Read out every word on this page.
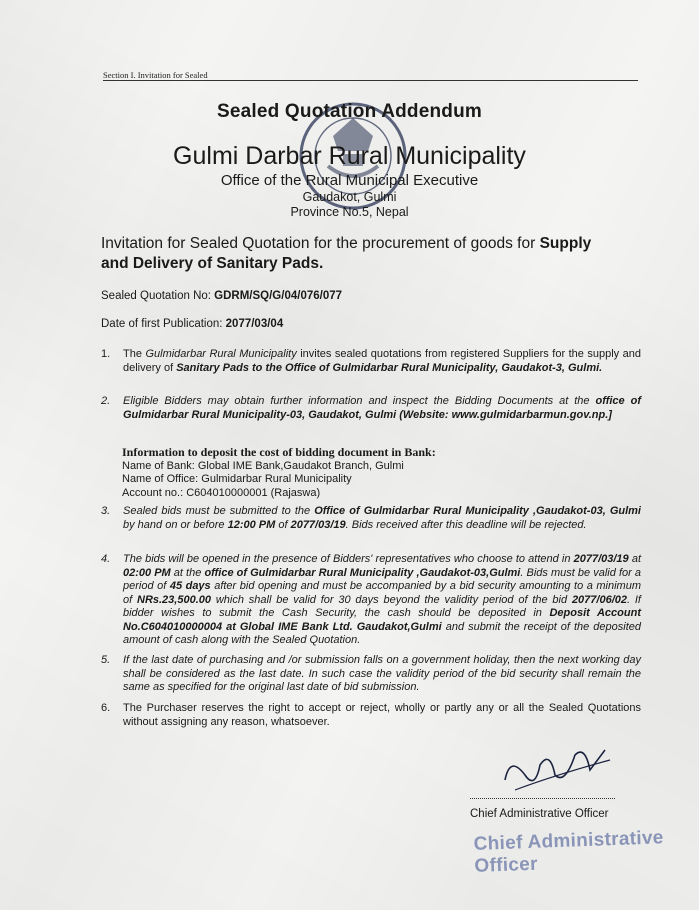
Section I. Invitation for Sealed
Sealed Quotation Addendum
Gulmi Darbar Rural Municipality
Office of the Rural Municipal Executive
Gaudakot, Gulmi
Province No.5, Nepal
Invitation for Sealed Quotation for the procurement of goods for Supply and Delivery of Sanitary Pads.
Sealed Quotation No: GDRM/SQ/G/04/076/077
Date of first Publication: 2077/03/04
1. The Gulmidarbar Rural Municipality invites sealed quotations from registered Suppliers for the supply and delivery of Sanitary Pads to the Office of Gulmidarbar Rural Municipality, Gaudakot-3, Gulmi.
2. Eligible Bidders may obtain further information and inspect the Bidding Documents at the office of Gulmidarbar Rural Municipality-03, Gaudakot, Gulmi (Website: www.gulmidarbarmun.gov.np.]
Information to deposit the cost of bidding document in Bank:
Name of Bank: Global IME Bank,Gaudakot Branch, Gulmi
Name of Office: Gulmidarbar Rural Municipality
Account no.: C604010000001 (Rajaswa)
3. Sealed bids must be submitted to the Office of Gulmidarbar Rural Municipality ,Gaudakot-03, Gulmi by hand on or before 12:00 PM of 2077/03/19. Bids received after this deadline will be rejected.
4. The bids will be opened in the presence of Bidders' representatives who choose to attend in 2077/03/19 at 02:00 PM at the office of Gulmidarbar Rural Municipality ,Gaudakot-03,Gulmi. Bids must be valid for a period of 45 days after bid opening and must be accompanied by a bid security amounting to a minimum of NRs.23,500.00 which shall be valid for 30 days beyond the validity period of the bid 2077/06/02. If bidder wishes to submit the Cash Security, the cash should be deposited in Deposit Account No.C604010000004 at Global IME Bank Ltd. Gaudakot,Gulmi and submit the receipt of the deposited amount of cash along with the Sealed Quotation.
5. If the last date of purchasing and /or submission falls on a government holiday, then the next working day shall be considered as the last date. In such case the validity period of the bid security shall remain the same as specified for the original last date of bid submission.
6. The Purchaser reserves the right to accept or reject, wholly or partly any or all the Sealed Quotations without assigning any reason, whatsoever.
Chief Administrative Officer
Chief Administrative Officer
